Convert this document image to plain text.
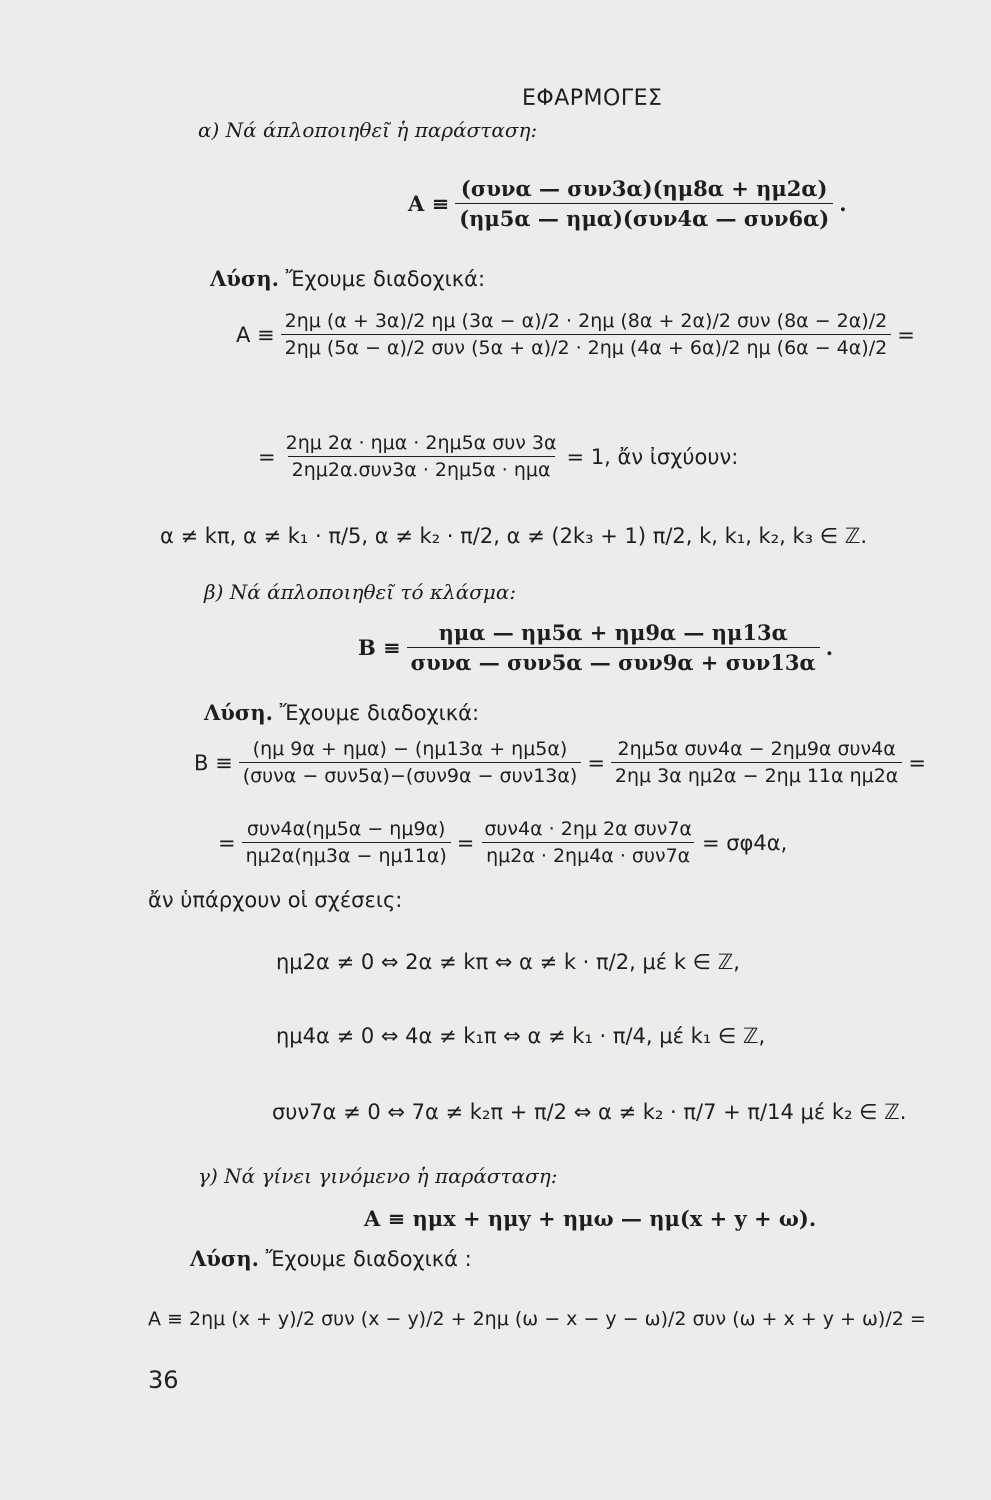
ΕΦΑΡΜΟΓΕΣ
α) Νά άπλοποιηθεῖ ἡ παράσταση:
$A \equiv \frac{\text{(συνα — συν3α)(ημ8α + ημ2α)}}{\text{(ημ5α — ημα)(συν4α — συν6α)}}$ .
Λύση. Ἔχουμε διαδοχικά:
Α ≡
2ημ (α + 3α)/2 ημ (3α − α)/2 · 2ημ (8α + 2α)/2 συν (8α − 2α)/2
2ημ (5α − α)/2 συν (5α + α)/2 · 2ημ (4α + 6α)/2 ημ (6α − 4α)/2
=
= $\frac{\text{2ημ 2α · ημα · 2ημ5α συν 3α}}{\text{2ημ2α.συν3α · 2ημ5α · ημα}} = 1$, ἄν ἰσχύουν:
α ≠ kπ, α ≠ k₁ · π/5, α ≠ k₂ · π/2, α ≠ (2k₃ + 1) π/2, k, k₁, k₂, k₃ ∈ ℤ.
β) Νά άπλοποιηθεῖ τό κλάσμα:
$B \equiv \frac{\text{ημα — ημ5α + ημ9α — ημ13α}}{\text{συνα — συν5α — συν9α + συν13α}}$ .
Λύση. Ἔχουμε διαδοχικά:
$B \equiv \frac{\text{(ημ 9α + ημα) − (ημ13α + ημ5α)}}{\text{(συνα − συν5α)−(συν9α − συν13α)}} = \frac{\text{2ημ5α συν4α − 2ημ9α συν4α}}{\text{2ημ 3α ημ2α − 2ημ 11α ημ2α}}$ =
= $\frac{\text{συν4α(ημ5α − ημ9α)}}{\eta\mu 2\alpha(\eta\mu 3\alpha - \eta\mu 11\alpha)} = \frac{\text{συν4α · 2ημ 2α συν7α}}{\text{ημ2α · 2ημ4α · συν7α}} = \sigma\varphi 4\alpha$,
ἄν ὑπάρχουν οἱ σχέσεις:
ημ2α ≠ 0 ⇔ 2α ≠ kπ ⇔ α ≠ k · π/2, μέ k ∈ ℤ,
ημ4α ≠ 0 ⇔ 4α ≠ k₁π ⇔ α ≠ k₁ · π/4, μέ k₁ ∈ ℤ,
συν7α ≠ 0 ⇔ 7α ≠ k₂π + π/2 ⇔ α ≠ k₂ · π/7 + π/14 μέ k₂ ∈ ℤ.
γ) Νά γίνει γινόμενο ἡ παράσταση:
Α ≡ ημx + ημy + ημω — ημ(x + y + ω).
Λύση. Ἔχουμε διαδοχικά :
Α ≡ 2ημ (x + y)/2 συν (x − y)/2 + 2ημ (ω − x − y − ω)/2 συν (ω + x + y + ω)/2 =
36
